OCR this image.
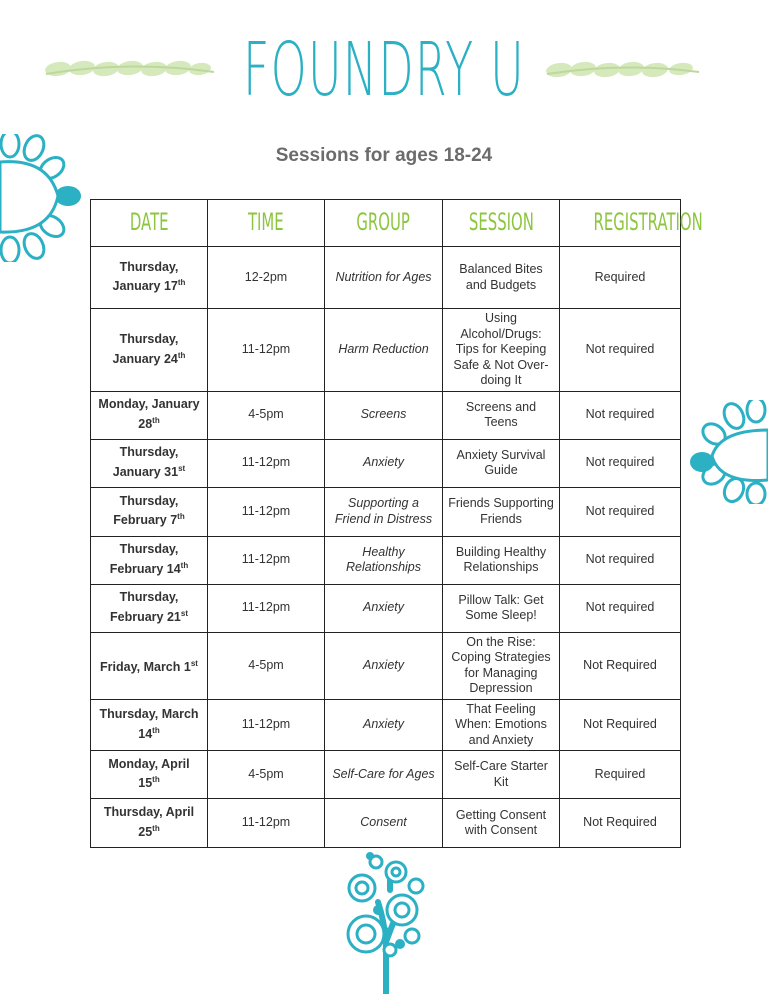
FOUNDRY U
Sessions for ages 18-24
DATE	TIME	GROUP	SESSION	REGISTRATION
Thursday, January 17th	12-2pm	Nutrition for Ages	Balanced Bites and Budgets	Required
Thursday, January 24th	11-12pm	Harm Reduction	Using Alcohol/Drugs: Tips for Keeping Safe & Not Over-doing It	Not required
Monday, January 28th	4-5pm	Screens	Screens and Teens	Not required
Thursday, January 31st	11-12pm	Anxiety	Anxiety Survival Guide	Not required
Thursday, February 7th	11-12pm	Supporting a Friend in Distress	Friends Supporting Friends	Not required
Thursday, February 14th	11-12pm	Healthy Relationships	Building Healthy Relationships	Not required
Thursday, February 21st	11-12pm	Anxiety	Pillow Talk: Get Some Sleep!	Not required
Friday, March 1st	4-5pm	Anxiety	On the Rise: Coping Strategies for Managing Depression	Not Required
Thursday, March 14th	11-12pm	Anxiety	That Feeling When: Emotions and Anxiety	Not Required
Monday, April 15th	4-5pm	Self-Care for Ages	Self-Care Starter Kit	Required
Thursday, April 25th	11-12pm	Consent	Getting Consent with Consent	Not Required
